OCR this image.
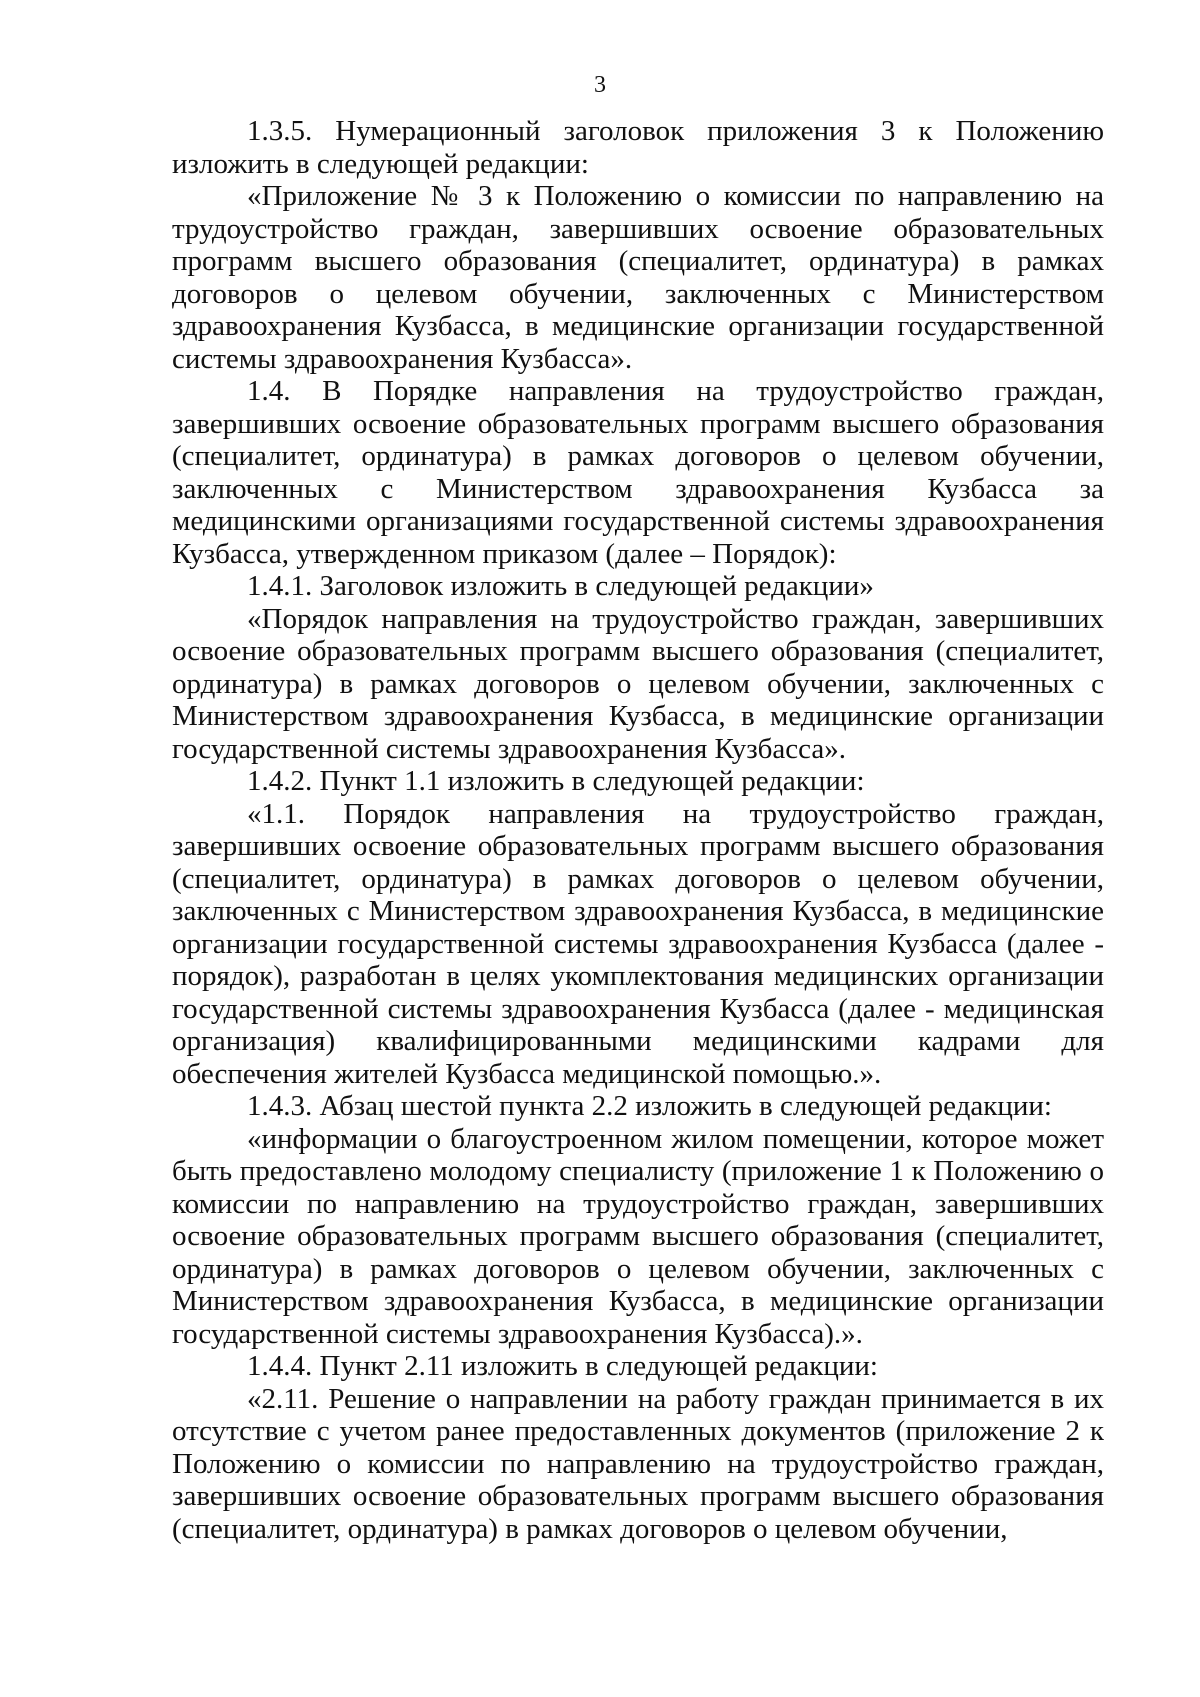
3

1.3.5. Нумерационный заголовок приложения 3 к Положению изложить в следующей редакции:

«Приложение № 3 к Положению о комиссии по направлению на трудоустройство граждан, завершивших освоение образовательных программ высшего образования (специалитет, ординатура) в рамках договоров о целевом обучении, заключенных с Министерством здравоохранения Кузбасса, в медицинские организации государственной системы здравоохранения Кузбасса».

1.4. В Порядке направления на трудоустройство граждан, завершивших освоение образовательных программ высшего образования (специалитет, ординатура) в рамках договоров о целевом обучении, заключенных с Министерством здравоохранения Кузбасса за медицинскими организациями государственной системы здравоохранения Кузбасса, утвержденном приказом (далее – Порядок):

1.4.1. Заголовок изложить в следующей редакции»

«Порядок направления на трудоустройство граждан, завершивших освоение образовательных программ высшего образования (специалитет, ординатура) в рамках договоров о целевом обучении, заключенных с Министерством здравоохранения Кузбасса, в медицинские организации государственной системы здравоохранения Кузбасса».

1.4.2. Пункт 1.1 изложить в следующей редакции:

«1.1. Порядок направления на трудоустройство граждан, завершивших освоение образовательных программ высшего образования (специалитет, ординатура) в рамках договоров о целевом обучении, заключенных с Министерством здравоохранения Кузбасса, в медицинские организации государственной системы здравоохранения Кузбасса (далее - порядок), разработан в целях укомплектования медицинских организации государственной системы здравоохранения Кузбасса (далее - медицинская организация) квалифицированными медицинскими кадрами для обеспечения жителей Кузбасса медицинской помощью.».

1.4.3. Абзац шестой пункта 2.2 изложить в следующей редакции:

«информации о благоустроенном жилом помещении, которое может быть предоставлено молодому специалисту (приложение 1 к Положению о комиссии по направлению на трудоустройство граждан, завершивших освоение образовательных программ высшего образования (специалитет, ординатура) в рамках договоров о целевом обучении, заключенных с Министерством здравоохранения Кузбасса, в медицинские организации государственной системы здравоохранения Кузбасса).».

1.4.4. Пункт 2.11 изложить в следующей редакции:

«2.11. Решение о направлении на работу граждан принимается в их отсутствие с учетом ранее предоставленных документов (приложение 2 к Положению о комиссии по направлению на трудоустройство граждан, завершивших освоение образовательных программ высшего образования (специалитет, ординатура) в рамках договоров о целевом обучении,
